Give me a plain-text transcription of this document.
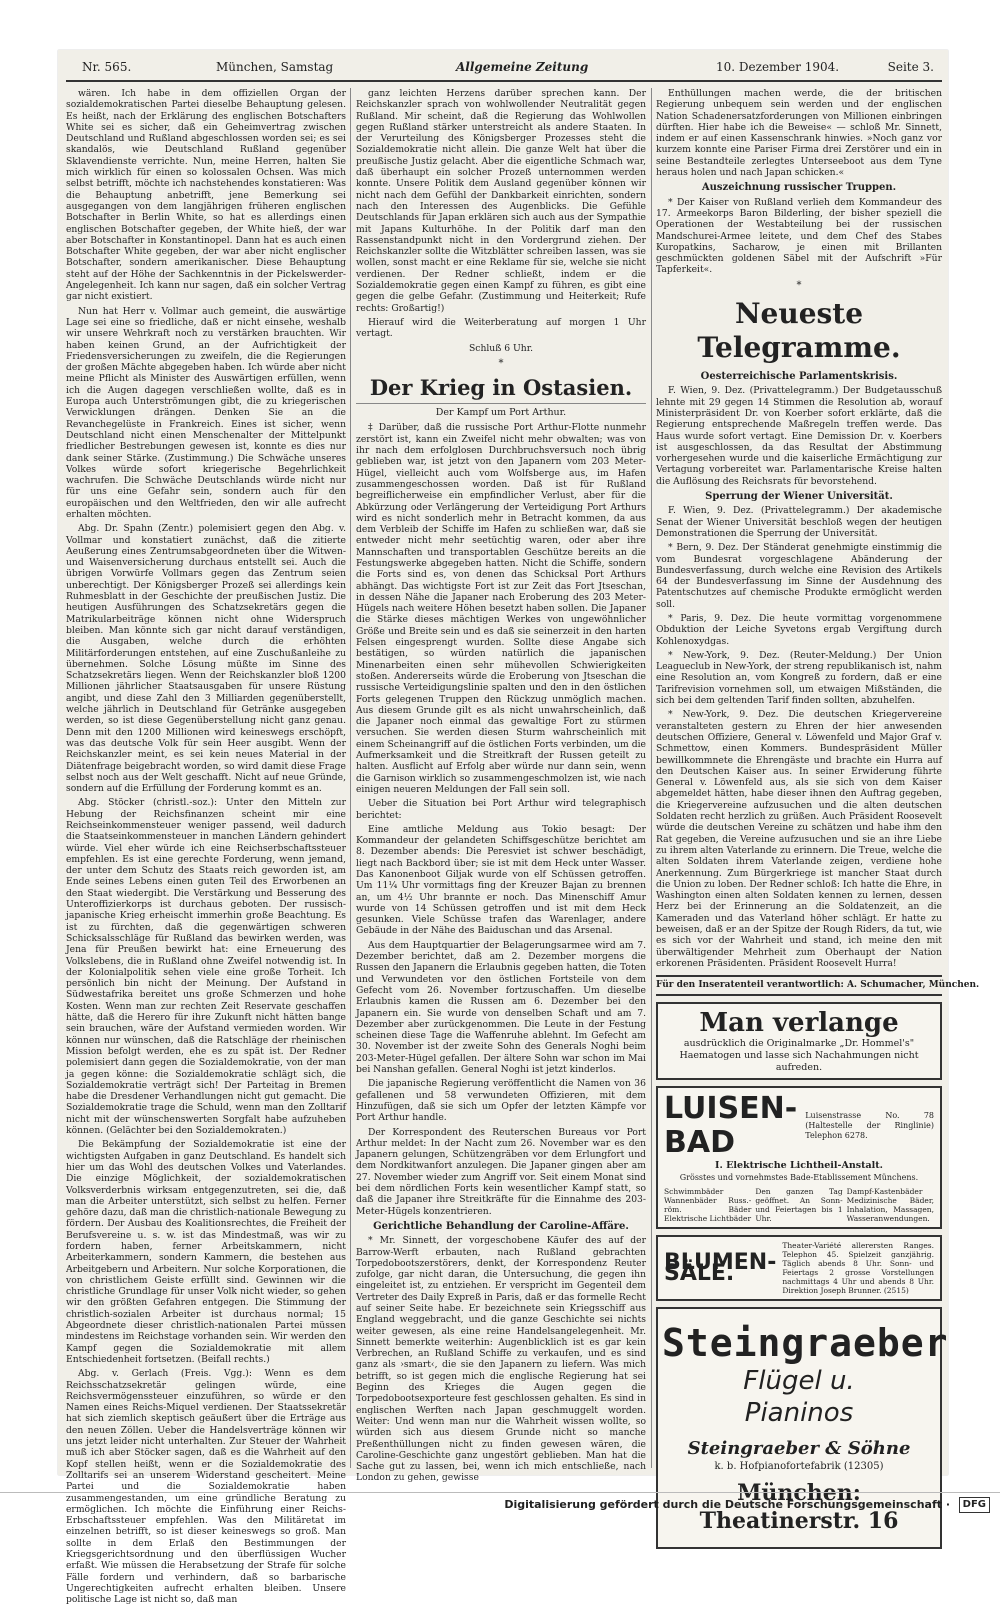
Nr. 565.	München, Samstag	Allgemeine Zeitung	10. Dezember 1904.	Seite 3.

wären. Ich habe in dem offiziellen Organ der sozialdemokratischen Partei dieselbe Behauptung gelesen. Es heißt, nach der Erklärung des englischen Botschafters White sei es sicher, daß ein Geheimvertrag zwischen Deutschland und Rußland abgeschlossen worden sei; es sei skandalös, wie Deutschland Rußland gegenüber Sklavendienste verrichte. Nun, meine Herren, halten Sie mich wirklich für einen so kolossalen Ochsen. Was mich selbst betrifft, möchte ich nachstehendes konstatieren: Was die Behauptung anbetrifft, jene Bemerkung sei ausgegangen von dem langjährigen früheren englischen Botschafter in Berlin White, so hat es allerdings einen englischen Botschafter gegeben, der White hieß, der war aber Botschafter in Konstantinopel. Dann hat es auch einen Botschafter White gegeben, der war aber nicht englischer Botschafter, sondern amerikanischer. Diese Behauptung steht auf der Höhe der Sachkenntnis in der Pickelswerder-Angelegenheit. Ich kann nur sagen, daß ein solcher Vertrag gar nicht existiert.

Nun hat Herr v. Vollmar auch gemeint, die auswärtige Lage sei eine so friedliche, daß er nicht einsehe, weshalb wir unsere Wehrkraft noch zu verstärken brauchten. Wir haben keinen Grund, an der Aufrichtigkeit der Friedensversicherungen zu zweifeln, die die Regierungen der großen Mächte abgegeben haben. Ich würde aber nicht meine Pflicht als Minister des Auswärtigen erfüllen, wenn ich die Augen dagegen verschließen wollte, daß es in Europa auch Unterströmungen gibt, die zu kriegerischen Verwicklungen drängen. Denken Sie an die Revanchegelüste in Frankreich. Eines ist sicher, wenn Deutschland nicht einen Menschenalter der Mittelpunkt friedlicher Bestrebungen gewesen ist, konnte es dies nur dank seiner Stärke. (Zustimmung.) Die Schwäche unseres Volkes würde sofort kriegerische Begehrlichkeit wachrufen. Die Schwäche Deutschlands würde nicht nur für uns eine Gefahr sein, sondern auch für den europäischen und den Weltfrieden, den wir alle aufrecht erhalten möchten.

Abg. Dr. Spahn (Zentr.) polemisiert gegen den Abg. v. Vollmar und konstatiert zunächst, daß die zitierte Aeußerung eines Zentrumsabgeordneten über die Witwen- und Waisenversicherung durchaus entstellt sei. Auch die übrigen Vorwürfe Vollmars gegen das Zentrum seien unberechtigt. Der Königsberger Prozeß sei allerdings kein Ruhmesblatt in der Geschichte der preußischen Justiz. Die heutigen Ausführungen des Schatzsekretärs gegen die Matrikularbeiträge können nicht ohne Widerspruch bleiben. Man könnte sich gar nicht darauf verständigen, die Ausgaben, welche durch die erhöhten Militärforderungen entstehen, auf eine Zuschußanleihe zu übernehmen. Solche Lösung müßte im Sinne des Schatzsekretärs liegen. Wenn der Reichskanzler bloß 1200 Millionen jährlicher Staatsausgaben für unsere Rüstung angibt, und diese Zahl den 3 Milliarden gegenüberstellt, welche jährlich in Deutschland für Getränke ausgegeben werden, so ist diese Gegenüberstellung nicht ganz genau. Denn mit den 1200 Millionen wird keineswegs erschöpft, was das deutsche Volk für sein Heer ausgibt. Wenn der Reichskanzler meint, es sei kein neues Material in der Diätenfrage beigebracht worden, so wird damit diese Frage selbst noch aus der Welt geschafft. Nicht auf neue Gründe, sondern auf die Erfüllung der Forderung kommt es an.

Abg. Stöcker (christl.-soz.): Unter den Mitteln zur Hebung der Reichsfinanzen scheint mir eine Reichseinkommensteuer weniger passend, weil dadurch die Staatseinkommensteuer in manchen Ländern gehindert würde. Viel eher würde ich eine Reichserbschaftssteuer empfehlen. Es ist eine gerechte Forderung, wenn jemand, der unter dem Schutz des Staats reich geworden ist, am Ende seines Lebens einen guten Teil des Erworbenen an den Staat wiedergibt. Die Verstärkung und Besserung des Unteroffizierkorps ist durchaus geboten. Der russisch-japanische Krieg erheischt immerhin große Beachtung. Es ist zu fürchten, daß die gegenwärtigen schweren Schicksalsschläge für Rußland das bewirken werden, was Jena für Preußen bewirkt hat: eine Erneuerung des Volkslebens, die in Rußland ohne Zweifel notwendig ist. In der Kolonialpolitik sehen viele eine große Torheit. Ich persönlich bin nicht der Meinung. Der Aufstand in Südwestafrika bereitet uns große Schmerzen und hohe Kosten. Wenn man zur rechten Zeit Reservate geschaffen hätte, daß die Herero für ihre Zukunft nicht hätten bange sein brauchen, wäre der Aufstand vermieden worden. Wir können nur wünschen, daß die Ratschläge der rheinischen Mission befolgt werden, ehe es zu spät ist. Der Redner polemisiert dann gegen die Sozialdemokratie, von der man ja gegen könne: die Sozialdemokratie schlägt sich, die Sozialdemokratie verträgt sich! Der Parteitag in Bremen habe die Dresdener Verhandlungen nicht gut gemacht. Die Sozialdemokratie trage die Schuld, wenn man den Zolltarif nicht mit der wünschenswerten Sorgfalt habe aufzuheben können. (Gelächter bei den Sozialdemokraten.)

Die Bekämpfung der Sozialdemokratie ist eine der wichtigsten Aufgaben in ganz Deutschland. Es handelt sich hier um das Wohl des deutschen Volkes und Vaterlandes. Die einzige Möglichkeit, der sozialdemokratischen Volksverderbnis wirksam entgegenzutreten, sei die, daß man die Arbeiter unterstützt, sich selbst zu helfen. Ferner gehöre dazu, daß man die christlich-nationale Bewegung zu fördern. Der Ausbau des Koalitionsrechtes, die Freiheit der Berufsvereine u. s. w. ist das Mindestmaß, was wir zu fordern haben, ferner Arbeitskammern, nicht Arbeiterkammern, sondern Kammern, die bestehen aus Arbeitgebern und Arbeitern. Nur solche Korporationen, die von christlichem Geiste erfüllt sind. Gewinnen wir die christliche Grundlage für unser Volk nicht wieder, so gehen wir den größten Gefahren entgegen. Die Stimmung der christlich-sozialen Arbeiter ist durchaus normal; 15 Abgeordnete dieser christlich-nationalen Partei müssen mindestens im Reichstage vorhanden sein. Wir werden den Kampf gegen die Sozialdemokratie mit allem Entschiedenheit fortsetzen. (Beifall rechts.)

Abg. v. Gerlach (Freis. Vgg.): Wenn es dem Reichsschatzsekretär gelingen würde, eine Reichsvermögenssteuer einzuführen, so würde er den Namen eines Reichs-Miquel verdienen. Der Staatssekretär hat sich ziemlich skeptisch geäußert über die Erträge aus den neuen Zöllen. Ueber die Handelsverträge können wir uns jetzt leider nicht unterhalten. Zur Steuer der Wahrheit muß ich aber Stöcker sagen, daß es die Wahrheit auf den Kopf stellen heißt, wenn er die Sozialdemokratie des Zolltarifs sei an unserem Widerstand gescheitert. Meine Partei und die Sozialdemokratie haben zusammengestanden, um eine gründliche Beratung zu ermöglichen. Ich möchte die Einführung einer Reichs-Erbschaftssteuer empfehlen. Was den Militäretat im einzelnen betrifft, so ist dieser keineswegs so groß. Man sollte in dem Erlaß den Bestimmungen der Kriegsgerichtsordnung und den überflüssigen Wucher erfaßt. Wie müssen die Herabsetzung der Strafe für solche Fälle fordern und verhindern, daß so barbarische Ungerechtigkeiten aufrecht erhalten bleiben. Unsere politische Lage ist nicht so, daß man

ganz leichten Herzens darüber sprechen kann. Der Reichskanzler sprach von wohlwollender Neutralität gegen Rußland. Mir scheint, daß die Regierung das Wohlwollen gegen Rußland stärker unterstreicht als andere Staaten. In der Verurteilung des Königsberger Prozesses steht die Sozialdemokratie nicht allein. Die ganze Welt hat über die preußische Justiz gelacht. Aber die eigentliche Schmach war, daß überhaupt ein solcher Prozeß unternommen werden konnte. Unsere Politik dem Ausland gegenüber können wir nicht nach dem Gefühl der Dankbarkeit einrichten, sondern nach den Interessen des Augenblicks. Die Gefühle Deutschlands für Japan erklären sich auch aus der Sympathie mit Japans Kulturhöhe. In der Politik darf man den Rassenstandpunkt nicht in den Vordergrund ziehen. Der Reichskanzler sollte die Witzblätter schreiben lassen, was sie wollen, sonst macht er eine Reklame für sie, welche sie nicht verdienen. Der Redner schließt, indem er die Sozialdemokratie gegen einen Kampf zu führen, es gibt eine gegen die gelbe Gefahr. (Zustimmung und Heiterkeit; Rufe rechts: Großartig!)

Hierauf wird die Weiterberatung auf morgen 1 Uhr vertagt.

Schluß 6 Uhr.

*
Der Krieg in Ostasien.
Der Kampf um Port Arthur.

‡ Darüber, daß die russische Port Arthur-Flotte nunmehr zerstört ist, kann ein Zweifel nicht mehr obwalten; was von ihr nach dem erfolglosen Durchbruchsversuch noch übrig geblieben war, ist jetzt von den Japanern vom 203 Meter-Hügel, vielleicht auch vom Wolfsberge aus, im Hafen zusammengeschossen worden. Daß ist für Rußland begreiflicherweise ein empfindlicher Verlust, aber für die Abkürzung oder Verlängerung der Verteidigung Port Arthurs wird es nicht sonderlich mehr in Betracht kommen, da aus dem Verbleib der Schiffe im Hafen zu schließen war, daß sie entweder nicht mehr seetüchtig waren, oder aber ihre Mannschaften und transportablen Geschütze bereits an die Festungswerke abgegeben hatten. Nicht die Schiffe, sondern die Forts sind es, von denen das Schicksal Port Arthurs abhängt. Das wichtigste Fort ist zur Zeit das Fort Jtseschan, in dessen Nähe die Japaner nach Eroberung des 203 Meter-Hügels nach weitere Höhen besetzt haben sollen. Die Japaner die Stärke dieses mächtigen Werkes von ungewöhnlicher Größe und Breite sein und es daß sie seinerzeit in den harten Felsen eingesprengt wurden. Sollte diese Angabe sich bestätigen, so würden natürlich die japanischen Minenarbeiten einen sehr mühevollen Schwierigkeiten stoßen. Andererseits würde die Eroberung von Jtseschan die russische Verteidigungslinie spalten und den in den östlichen Forts gelegenen Truppen den Rückzug unmöglich machen. Aus diesem Grunde gilt es als nicht unwahrscheinlich, daß die Japaner noch einmal das gewaltige Fort zu stürmen versuchen. Sie werden diesen Sturm wahrscheinlich mit einem Scheinangriff auf die östlichen Forts verbinden, um die Aufmerksamkeit und die Streitkraft der Russen geteilt zu halten. Ausflicht auf Erfolg aber würde nur dann sein, wenn die Garnison wirklich so zusammengeschmolzen ist, wie nach einigen neueren Meldungen der Fall sein soll.

Ueber die Situation bei Port Arthur wird telegraphisch berichtet:

Eine amtliche Meldung aus Tokio besagt: Der Kommandeur der gelandeten Schiffsgeschütze berichtet am 8. Dezember abends: Die Peresviet ist schwer beschädigt, liegt nach Backbord über; sie ist mit dem Heck unter Wasser. Das Kanonenboot Giljak wurde von elf Schüssen getroffen. Um 11¼ Uhr vormittags fing der Kreuzer Bajan zu brennen an, um 4½ Uhr brannte er noch. Das Minenschiff Amur wurde von 14 Schüssen getroffen und ist mit dem Heck gesunken. Viele Schüsse trafen das Warenlager, andere Gebäude in der Nähe des Baiduschan und das Arsenal.

Aus dem Hauptquartier der Belagerungsarmee wird am 7. Dezember berichtet, daß am 2. Dezember morgens die Russen den Japanern die Erlaubnis gegeben hatten, die Toten und Verwundeten vor den östlichen Fortsteile von dem Gefecht vom 26. November fortzuschaffen. Um dieselbe Erlaubnis kamen die Russen am 6. Dezember bei den Japanern ein. Sie wurde von denselben Schaft und am 7. Dezember aber zurückgenommen. Die Leute in der Festung scheinen diese Tage die Waffenruhe ablehnt. Im Gefecht am 30. November ist der zweite Sohn des Generals Noghi beim 203-Meter-Hügel gefallen. Der ältere Sohn war schon im Mai bei Nanshan gefallen. General Noghi ist jetzt kinderlos.

Die japanische Regierung veröffentlicht die Namen von 36 gefallenen und 58 verwundeten Offizieren, mit dem Hinzufügen, daß sie sich um Opfer der letzten Kämpfe vor Port Arthur handle.

Der Korrespondent des Reuterschen Bureaus vor Port Arthur meldet: In der Nacht zum 26. November war es den Japanern gelungen, Schützengräben vor dem Erlungfort und dem Nordkitwanfort anzulegen. Die Japaner gingen aber am 27. November wieder zum Angriff vor. Seit einem Monat sind bei dem nördlichen Forts kein wesentlicher Kampf statt, so daß die Japaner ihre Streitkräfte für die Einnahme des 203-Meter-Hügels konzentrieren.

Gerichtliche Behandlung der Caroline-Affäre.

* Mr. Sinnett, der vorgeschobene Käufer des auf der Barrow-Werft erbauten, nach Rußland gebrachten Torpedobootszerstörers, denkt, der Korrespondenz Reuter zufolge, gar nicht daran, die Untersuchung, die gegen ihn eingeleitet ist, zu entziehen. Er verspricht im Gegenteil dem Vertreter des Daily Expreß in Paris, daß er das formelle Recht auf seiner Seite habe. Er bezeichnete sein Kriegsschiff aus England weggebracht, und die ganze Geschichte sei nichts weiter gewesen, als eine reine Handelsangelegenheit. Mr. Sinnett bemerkte weiterhin: Augenblicklich ist es gar kein Verbrechen, an Rußland Schiffe zu verkaufen, und es sind ganz als ›smart‹, die sie den Japanern zu liefern. Was mich betrifft, so ist gegen mich die englische Regierung hat sei Beginn des Krieges die Augen gegen die Torpedobootsexporteure fest geschlossen gehalten. Es sind in englischen Werften nach Japan geschmuggelt worden. Weiter: Und wenn man nur die Wahrheit wissen wollte, so würden sich aus diesem Grunde nicht so manche Preßenthüllungen nicht zu finden gewesen wären, die Caroline-Geschichte ganz ungestört geblieben. Man hat die Sache gut zu lassen, bei, wenn ich mich entschließe, nach London zu gehen, gewisse

Enthüllungen machen werde, die der britischen Regierung unbequem sein werden und der englischen Nation Schadenersatzforderungen von Millionen einbringen dürften. Hier habe ich die Beweise« — schloß Mr. Sinnett, indem er auf einen Kassenschrank hinwies. »Noch ganz vor kurzem konnte eine Pariser Firma drei Zerstörer und ein in seine Bestandteile zerlegtes Unterseeboot aus dem Tyne heraus holen und nach Japan schicken.«

Auszeichnung russischer Truppen.

* Der Kaiser von Rußland verlieh dem Kommandeur des 17. Armeekorps Baron Bilderling, der bisher speziell die Operationen der Westabteilung bei der russischen Mandschurei-Armee leitete, und dem Chef des Stabes Kuropatkins, Sacharow, je einen mit Brillanten geschmückten goldenen Säbel mit der Aufschrift »Für Tapferkeit«.

*
Neueste Telegramme.
Oesterreichische Parlamentskrisis.

F. Wien, 9. Dez. (Privattelegramm.) Der Budgetausschuß lehnte mit 29 gegen 14 Stimmen die Resolution ab, worauf Ministerpräsident Dr. von Koerber sofort erklärte, daß die Regierung entsprechende Maßregeln treffen werde. Das Haus wurde sofort vertagt. Eine Demission Dr. v. Koerbers ist ausgeschlossen, da das Resultat der Abstimmung vorhergesehen wurde und die kaiserliche Ermächtigung zur Vertagung vorbereitet war. Parlamentarische Kreise halten die Auflösung des Reichsrats für bevorstehend.

Sperrung der Wiener Universität.

F. Wien, 9. Dez. (Privattelegramm.) Der akademische Senat der Wiener Universität beschloß wegen der heutigen Demonstrationen die Sperrung der Universität.

* Bern, 9. Dez. Der Ständerat genehmigte einstimmig die vom Bundesrat vorgeschlagene Abänderung der Bundesverfassung, durch welche eine Revision des Artikels 64 der Bundesverfassung im Sinne der Ausdehnung des Patentschutzes auf chemische Produkte ermöglicht werden soll.

* Paris, 9. Dez. Die heute vormittag vorgenommene Obduktion der Leiche Syvetons ergab Vergiftung durch Kohlenoxydgas.

* New-York, 9. Dez. (Reuter-Meldung.) Der Union Leagueclub in New-York, der streng republikanisch ist, nahm eine Resolution an, vom Kongreß zu fordern, daß er eine Tarifrevision vornehmen soll, um etwaigen Mißständen, die sich bei dem geltenden Tarif finden sollten, abzuhelfen.

* New-York, 9. Dez. Die deutschen Kriegervereine veranstalteten gestern zu Ehren der hier anwesenden deutschen Offiziere, General v. Löwenfeld und Major Graf v. Schmettow, einen Kommers. Bundespräsident Müller bewillkommnete die Ehrengäste und brachte ein Hurra auf den Deutschen Kaiser aus. In seiner Erwiderung führte General v. Löwenfeld aus, als sie sich von dem Kaiser abgemeldet hätten, habe dieser ihnen den Auftrag gegeben, die Kriegervereine aufzusuchen und die alten deutschen Soldaten recht herzlich zu grüßen. Auch Präsident Roosevelt würde die deutschen Vereine zu schätzen und habe ihm den Rat gegeben, die Vereine aufzusuchen und sie an ihre Liebe zu ihrem alten Vaterlande zu erinnern. Die Treue, welche die alten Soldaten ihrem Vaterlande zeigen, verdiene hohe Anerkennung. Zum Bürgerkriege ist mancher Staat durch die Union zu loben. Der Redner schloß: Ich hatte die Ehre, in Washington einen alten Soldaten kennen zu lernen, dessen Herz bei der Erinnerung an die Soldatenzeit, an die Kameraden und das Vaterland höher schlägt. Er hatte zu beweisen, daß er an der Spitze der Rough Riders, da tut, wie es sich vor der Wahrheit und stand, ich meine den mit überwältigender Mehrheit zum Oberhaupt der Nation erkorenen Präsidenten. Präsident Roosevelt Hurra!

Für den Inseratenteil verantwortlich: A. Schumacher, München.
Man verlange
ausdrücklich die Originalmarke „Dr. Hommel's" Haematogen und lasse sich Nachahmungen nicht aufreden.
LUISEN-BAD
Luisenstrasse No. 78 (Haltestelle der Ringlinie) Telephon 6278.
I. Elektrische Lichtheil-Anstalt.
Grösstes und vornehmstes Bade-Etablissement Münchens.
Schwimmbäder Wannenbäder Russ.-röm. Bäder Elektrische Lichtbäder
Den ganzen Tag geöffnet. An Sonn- und Feiertagen bis 1 Uhr.
Dampf-Kastenbäder Medizinische Bäder, Inhalation, Massagen, Wasseranwendungen.
BLUMEN-SÄLE.
Theater-Variété allerersten Ranges. Telephon 45. Spielzeit ganzjährig. Täglich abends 8 Uhr. Sonn- und Feiertags 2 grosse Vorstellungen nachmittags 4 Uhr und abends 8 Uhr. Direktion Joseph Brunner. (2515)
Steingraeber
Flügel u.
Pianinos
Steingraeber & Söhne
k. b. Hofpianofortefabrik (12305)
München: Theatinerstr. 16
Digitalisierung gefördert durch die Deutsche Forschungsgemeinschaft ·	DFG
